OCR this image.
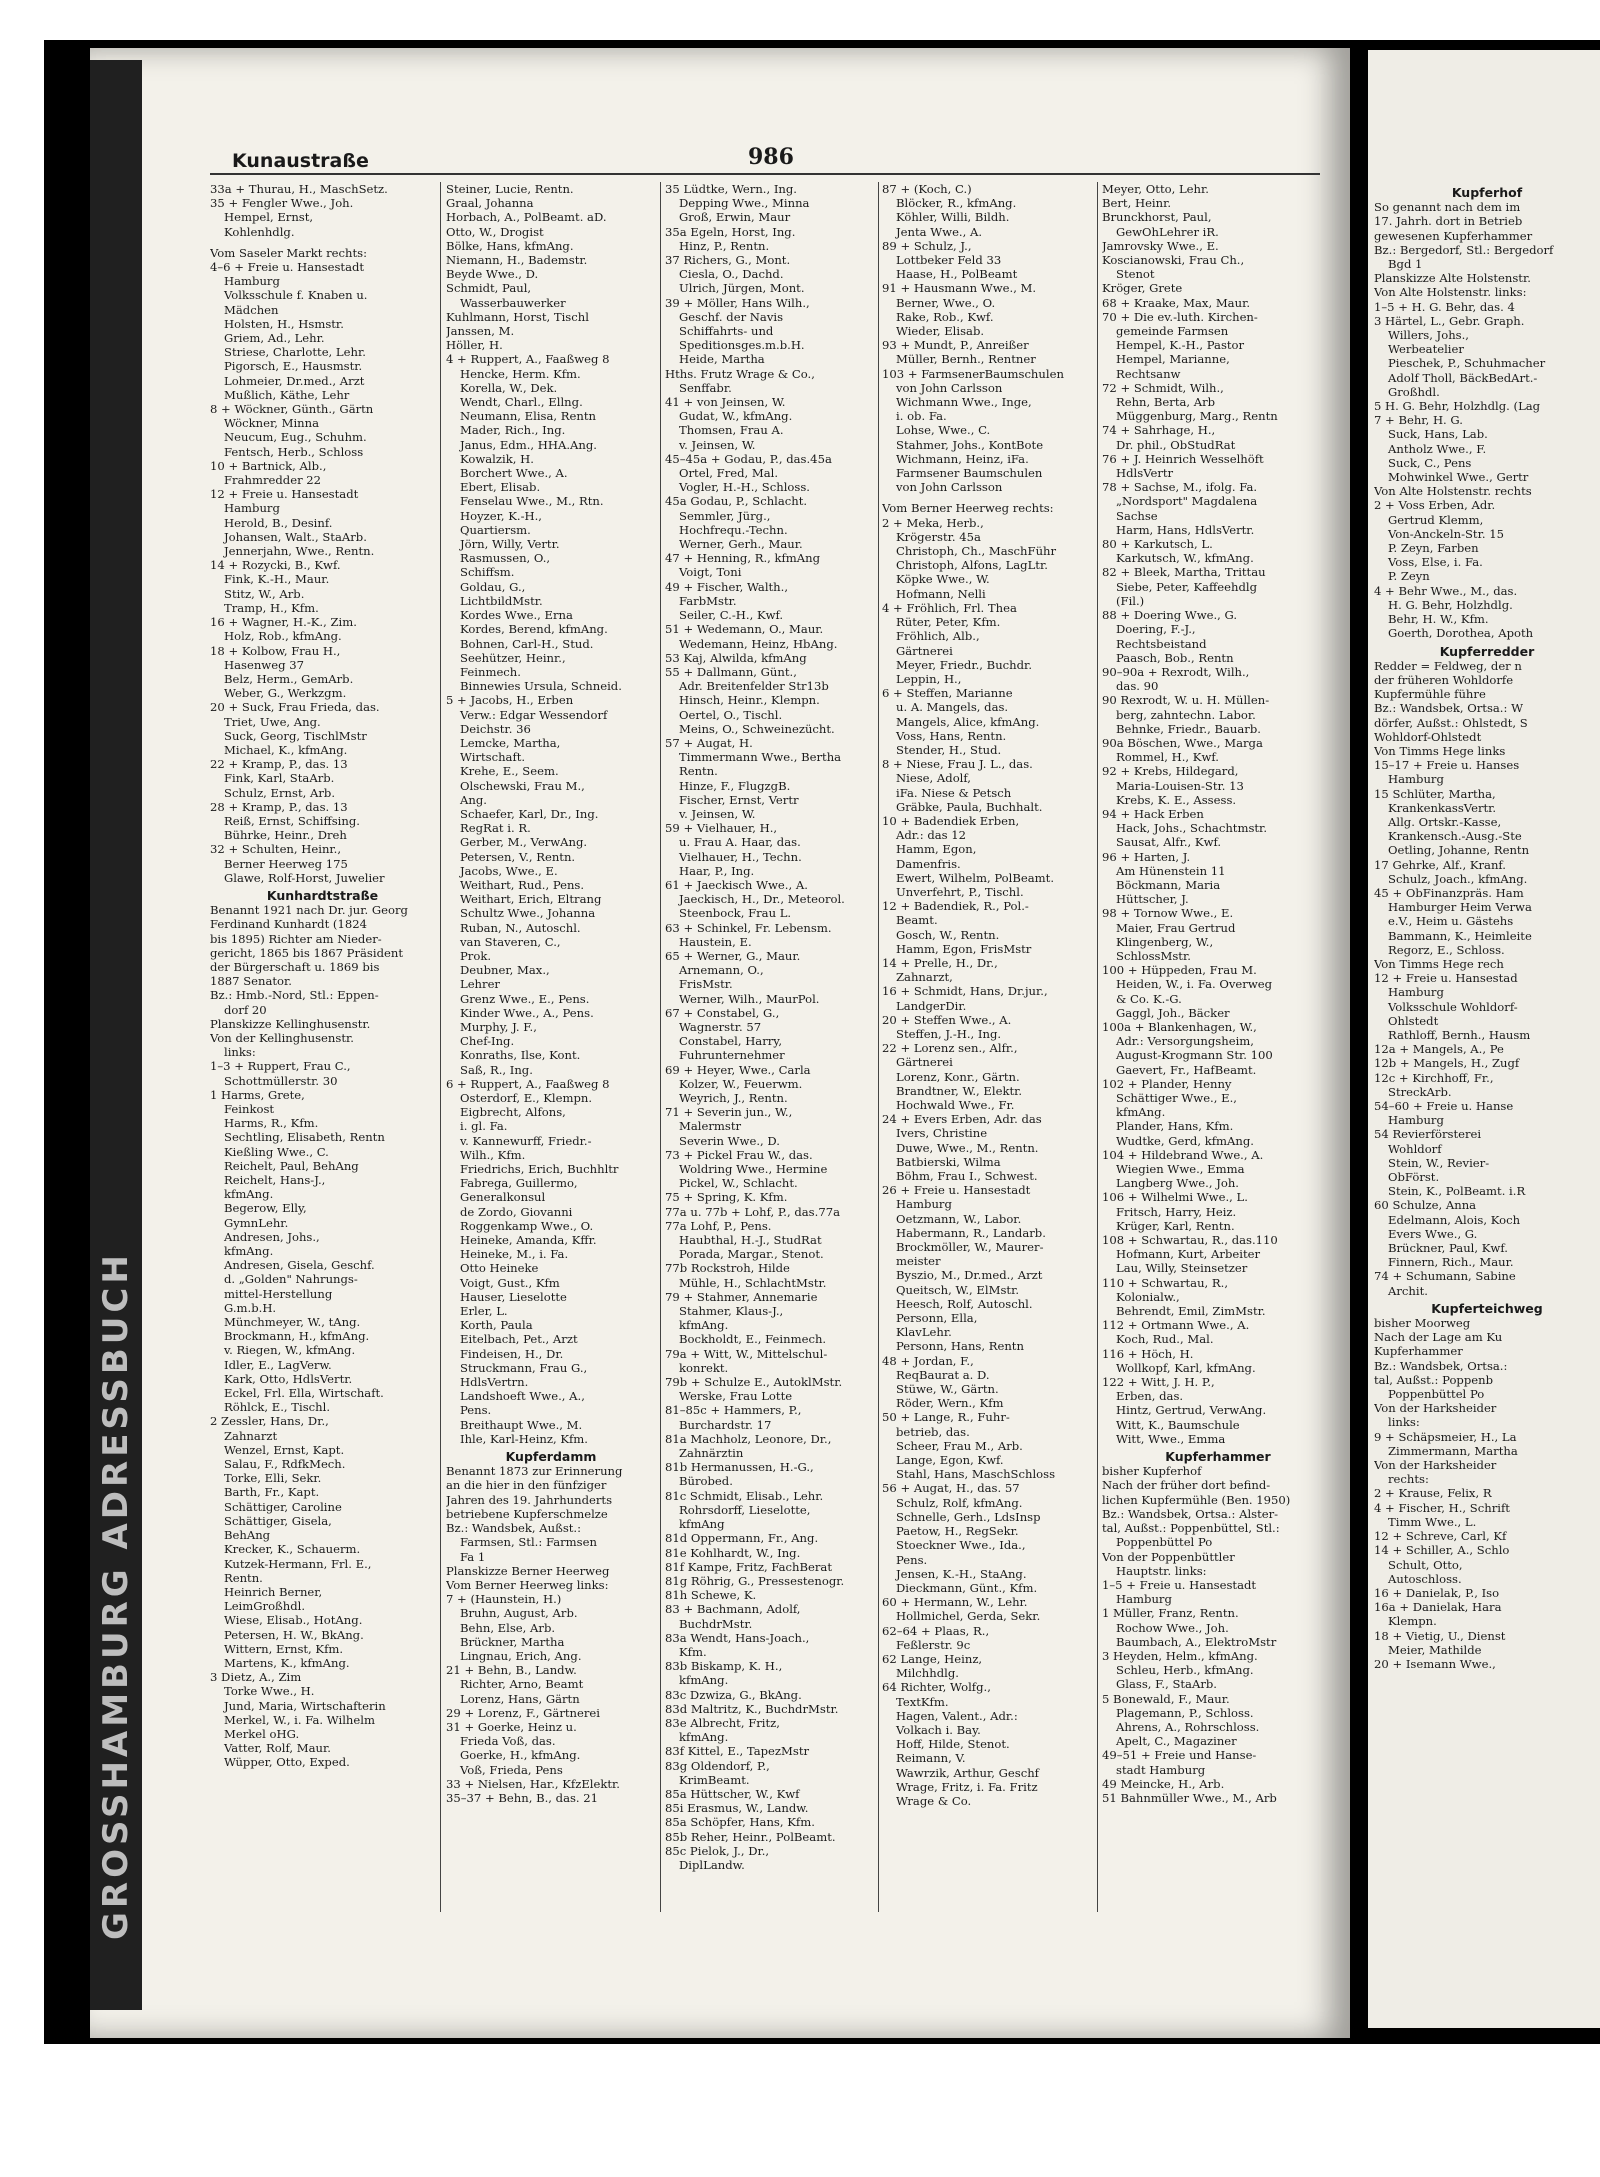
GROSSHAMBURG ADRESSBUCH
Kunaustraße	986
33a + Thurau, H., MaschSetz.
35 + Fengler Wwe., Joh.
Hempel, Ernst,
Kohlenhdlg.
Vom Saseler Markt rechts:
4–6 + Freie u. Hansestadt
Hamburg
Volksschule f. Knaben u.
Mädchen
Holsten, H., Hsmstr.
Griem, Ad., Lehr.
Striese, Charlotte, Lehr.
Pigorsch, E., Hausmstr.
Lohmeier, Dr.med., Arzt
Mußlich, Käthe, Lehr
8 + Wöckner, Günth., Gärtn
Wöckner, Minna
Neucum, Eug., Schuhm.
Fentsch, Herb., Schloss
10 + Bartnick, Alb.,
Frahmredder 22
12 + Freie u. Hansestadt
Hamburg
Herold, B., Desinf.
Johansen, Walt., StaArb.
Jennerjahn, Wwe., Rentn.
14 + Rozycki, B., Kwf.
Fink, K.-H., Maur.
Stitz, W., Arb.
Tramp, H., Kfm.
16 + Wagner, H.-K., Zim.
Holz, Rob., kfmAng.
18 + Kolbow, Frau H.,
Hasenweg 37
Belz, Herm., GemArb.
Weber, G., Werkzgm.
20 + Suck, Frau Frieda, das.
Triet, Uwe, Ang.
Suck, Georg, TischlMstr
Michael, K., kfmAng.
22 + Kramp, P., das. 13
Fink, Karl, StaArb.
Schulz, Ernst, Arb.
28 + Kramp, P., das. 13
Reiß, Ernst, Schiffsing.
Bührke, Heinr., Dreh
32 + Schulten, Heinr.,
Berner Heerweg 175
Glawe, Rolf-Horst, Juwelier
Kunhardtstraße
Benannt 1921 nach Dr. jur. Georg
Ferdinand Kunhardt (1824
bis 1895) Richter am Nieder-
gericht, 1865 bis 1867 Präsident
der Bürgerschaft u. 1869 bis
1887 Senator.
Bz.: Hmb.-Nord, Stl.: Eppen-
dorf 20
Planskizze Kellinghusenstr.
Von der Kellinghusenstr.
links:
1–3 + Ruppert, Frau C.,
Schottmüllerstr. 30
1 Harms, Grete,
Feinkost
Harms, R., Kfm.
Sechtling, Elisabeth, Rentn
Kießling Wwe., C.
Reichelt, Paul, BehAng
Reichelt, Hans-J.,
kfmAng.
Begerow, Elly,
GymnLehr.
Andresen, Johs.,
kfmAng.
Andresen, Gisela, Geschf.
d. „Golden" Nahrungs-
mittel-Herstellung
G.m.b.H.
Münchmeyer, W., tAng.
Brockmann, H., kfmAng.
v. Riegen, W., kfmAng.
Idler, E., LagVerw.
Kark, Otto, HdlsVertr.
Eckel, Frl. Ella, Wirtschaft.
Röhlck, E., Tischl.
2 Zessler, Hans, Dr.,
Zahnarzt
Wenzel, Ernst, Kapt.
Salau, F., RdfkMech.
Torke, Elli, Sekr.
Barth, Fr., Kapt.
Schättiger, Caroline
Schättiger, Gisela,
BehAng
Krecker, K., Schauerm.
Kutzek-Hermann, Frl. E.,
Rentn.
Heinrich Berner,
LeimGroßhdl.
Wiese, Elisab., HotAng.
Petersen, H. W., BkAng.
Wittern, Ernst, Kfm.
Martens, K., kfmAng.
3 Dietz, A., Zim
Torke Wwe., H.
Jund, Maria, Wirtschafterin
Merkel, W., i. Fa. Wilhelm
Merkel oHG.
Vatter, Rolf, Maur.
Wüpper, Otto, Exped.
Steiner, Lucie, Rentn.
Graal, Johanna
Horbach, A., PolBeamt. aD.
Otto, W., Drogist
Bölke, Hans, kfmAng.
Niemann, H., Bademstr.
Beyde Wwe., D.
Schmidt, Paul,
Wasserbauwerker
Kuhlmann, Horst, Tischl
Janssen, M.
Höller, H.
4 + Ruppert, A., Faaßweg 8
Hencke, Herm. Kfm.
Korella, W., Dek.
Wendt, Charl., Ellng.
Neumann, Elisa, Rentn
Mader, Rich., Ing.
Janus, Edm., HHA.Ang.
Kowalzik, H.
Borchert Wwe., A.
Ebert, Elisab.
Fenselau Wwe., M., Rtn.
Hoyzer, K.-H.,
Quartiersm.
Jörn, Willy, Vertr.
Rasmussen, O.,
Schiffsm.
Goldau, G.,
LichtbildMstr.
Kordes Wwe., Erna
Kordes, Berend, kfmAng.
Bohnen, Carl-H., Stud.
Seehützer, Heinr.,
Feinmech.
Binnewies Ursula, Schneid.
5 + Jacobs, H., Erben
Verw.: Edgar Wessendorf
Deichstr. 36
Lemcke, Martha,
Wirtschaft.
Krehe, E., Seem.
Olschewski, Frau M.,
Ang.
Schaefer, Karl, Dr., Ing.
RegRat i. R.
Gerber, M., VerwAng.
Petersen, V., Rentn.
Jacobs, Wwe., E.
Weithart, Rud., Pens.
Weithart, Erich, Eltrang
Schultz Wwe., Johanna
Ruban, N., Autoschl.
van Staveren, C.,
Prok.
Deubner, Max.,
Lehrer
Grenz Wwe., E., Pens.
Kinder Wwe., A., Pens.
Murphy, J. F.,
Chef-Ing.
Konraths, Ilse, Kont.
Saß, R., Ing.
6 + Ruppert, A., Faaßweg 8
Osterdorf, E., Klempn.
Eigbrecht, Alfons,
i. gl. Fa.
v. Kannewurff, Friedr.-
Wilh., Kfm.
Friedrichs, Erich, Buchhltr
Fabrega, Guillermo,
Generalkonsul
de Zordo, Giovanni
Roggenkamp Wwe., O.
Heineke, Amanda, Kffr.
Heineke, M., i. Fa.
Otto Heineke
Voigt, Gust., Kfm
Hauser, Lieselotte
Erler, L.
Korth, Paula
Eitelbach, Pet., Arzt
Findeisen, H., Dr.
Struckmann, Frau G.,
HdlsVertrn.
Landshoeft Wwe., A.,
Pens.
Breithaupt Wwe., M.
Ihle, Karl-Heinz, Kfm.
Kupferdamm
Benannt 1873 zur Erinnerung
an die hier in den fünfziger
Jahren des 19. Jahrhunderts
betriebene Kupferschmelze
Bz.: Wandsbek, Außst.:
Farmsen, Stl.: Farmsen
Fa 1
Planskizze Berner Heerweg
Vom Berner Heerweg links:
7 + (Haunstein, H.)
Bruhn, August, Arb.
Behn, Else, Arb.
Brückner, Martha
Lingnau, Erich, Ang.
21 + Behn, B., Landw.
Richter, Arno, Beamt
Lorenz, Hans, Gärtn
29 + Lorenz, F., Gärtnerei
31 + Goerke, Heinz u.
Frieda Voß, das.
Goerke, H., kfmAng.
Voß, Frieda, Pens
33 + Nielsen, Har., KfzElektr.
35–37 + Behn, B., das. 21
35 Lüdtke, Wern., Ing.
Depping Wwe., Minna
Groß, Erwin, Maur
35a Egeln, Horst, Ing.
Hinz, P., Rentn.
37 Richers, G., Mont.
Ciesla, O., Dachd.
Ulrich, Jürgen, Mont.
39 + Möller, Hans Wilh.,
Geschf. der Navis
Schiffahrts- und
Speditionsges.m.b.H.
Heide, Martha
Hths. Frutz Wrage & Co.,
Senffabr.
41 + von Jeinsen, W.
Gudat, W., kfmAng.
Thomsen, Frau A.
v. Jeinsen, W.
45–45a + Godau, P., das.45a
Ortel, Fred, Mal.
Vogler, H.-H., Schloss.
45a Godau, P., Schlacht.
Semmler, Jürg.,
Hochfrequ.-Techn.
Werner, Gerh., Maur.
47 + Henning, R., kfmAng
Voigt, Toni
49 + Fischer, Walth.,
FarbMstr.
Seiler, C.-H., Kwf.
51 + Wedemann, O., Maur.
Wedemann, Heinz, HbAng.
53 Kaj, Alwilda, kfmAng
55 + Dallmann, Günt.,
Adr. Breitenfelder Str13b
Hinsch, Heinr., Klempn.
Oertel, O., Tischl.
Meins, O., Schweinezücht.
57 + Augat, H.
Timmermann Wwe., Bertha
Rentn.
Hinze, F., FlugzgB.
Fischer, Ernst, Vertr
v. Jeinsen, W.
59 + Vielhauer, H.,
u. Frau A. Haar, das.
Vielhauer, H., Techn.
Haar, P., Ing.
61 + Jaeckisch Wwe., A.
Jaeckisch, H., Dr., Meteorol.
Steenbock, Frau L.
63 + Schinkel, Fr. Lebensm.
Haustein, E.
65 + Werner, G., Maur.
Arnemann, O.,
FrisMstr.
Werner, Wilh., MaurPol.
67 + Constabel, G.,
Wagnerstr. 57
Constabel, Harry,
Fuhrunternehmer
69 + Heyer, Wwe., Carla
Kolzer, W., Feuerwm.
Weyrich, J., Rentn.
71 + Severin jun., W.,
Malermstr
Severin Wwe., D.
73 + Pickel Frau W., das.
Woldring Wwe., Hermine
Pickel, W., Schlacht.
75 + Spring, K. Kfm.
77a u. 77b + Lohf, P., das.77a
77a Lohf, P., Pens.
Haubthal, H.-J., StudRat
Porada, Margar., Stenot.
77b Rockstroh, Hilde
Mühle, H., SchlachtMstr.
79 + Stahmer, Annemarie
Stahmer, Klaus-J.,
kfmAng.
Bockholdt, E., Feinmech.
79a + Witt, W., Mittelschul-
konrekt.
79b + Schulze E., AutoklMstr.
Werske, Frau Lotte
81–85c + Hammers, P.,
Burchardstr. 17
81a Machholz, Leonore, Dr.,
Zahnärztin
81b Hermanussen, H.-G.,
Bürobed.
81c Schmidt, Elisab., Lehr.
Rohrsdorff, Lieselotte,
kfmAng
81d Oppermann, Fr., Ang.
81e Kohlhardt, W., Ing.
81f Kampe, Fritz, FachBerat
81g Röhrig, G., Pressestenogr.
81h Schewe, K.
83 + Bachmann, Adolf,
BuchdrMstr.
83a Wendt, Hans-Joach.,
Kfm.
83b Biskamp, K. H.,
kfmAng.
83c Dzwiza, G., BkAng.
83d Maltritz, K., BuchdrMstr.
83e Albrecht, Fritz,
kfmAng.
83f Kittel, E., TapezMstr
83g Oldendorf, P.,
KrimBeamt.
85a Hüttscher, W., Kwf
85i Erasmus, W., Landw.
85a Schöpfer, Hans, Kfm.
85b Reher, Heinr., PolBeamt.
85c Pielok, J., Dr.,
DiplLandw.
87 + (Koch, C.)
Blöcker, R., kfmAng.
Köhler, Willi, Bildh.
Jenta Wwe., A.
89 + Schulz, J.,
Lottbeker Feld 33
Haase, H., PolBeamt
91 + Hausmann Wwe., M.
Berner, Wwe., O.
Rake, Rob., Kwf.
Wieder, Elisab.
93 + Mundt, P., Anreißer
Müller, Bernh., Rentner
103 + FarmsenerBaumschulen
von John Carlsson
Wichmann Wwe., Inge,
i. ob. Fa.
Lohse, Wwe., C.
Stahmer, Johs., KontBote
Wichmann, Heinz, iFa.
Farmsener Baumschulen
von John Carlsson
Vom Berner Heerweg rechts:
2 + Meka, Herb.,
Krögerstr. 45a
Christoph, Ch., MaschFühr
Christoph, Alfons, LagLtr.
Köpke Wwe., W.
Hofmann, Nelli
4 + Fröhlich, Frl. Thea
Rüter, Peter, Kfm.
Fröhlich, Alb.,
Gärtnerei
Meyer, Friedr., Buchdr.
Leppin, H.,
6 + Steffen, Marianne
u. A. Mangels, das.
Mangels, Alice, kfmAng.
Voss, Hans, Rentn.
Stender, H., Stud.
8 + Niese, Frau J. L., das.
Niese, Adolf,
iFa. Niese & Petsch
Gräbke, Paula, Buchhalt.
10 + Badendiek Erben,
Adr.: das 12
Hamm, Egon,
Damenfris.
Ewert, Wilhelm, PolBeamt.
Unverfehrt, P., Tischl.
12 + Badendiek, R., Pol.-
Beamt.
Gosch, W., Rentn.
Hamm, Egon, FrisMstr
14 + Prelle, H., Dr.,
Zahnarzt,
16 + Schmidt, Hans, Dr.jur.,
LandgerDir.
20 + Steffen Wwe., A.
Steffen, J.-H., Ing.
22 + Lorenz sen., Alfr.,
Gärtnerei
Lorenz, Konr., Gärtn.
Brandtner, W., Elektr.
Hochwald Wwe., Fr.
24 + Evers Erben, Adr. das
Ivers, Christine
Duwe, Wwe., M., Rentn.
Batbierski, Wilma
Böhm, Frau I., Schwest.
26 + Freie u. Hansestadt
Hamburg
Oetzmann, W., Labor.
Habermann, R., Landarb.
Brockmöller, W., Maurer-
meister
Byszio, M., Dr.med., Arzt
Queitsch, W., ElMstr.
Heesch, Rolf, Autoschl.
Personn, Ella,
KlavLehr.
Personn, Hans, Rentn
48 + Jordan, F.,
ReqBaurat a. D.
Stüwe, W., Gärtn.
Röder, Wern., Kfm
50 + Lange, R., Fuhr-
betrieb, das.
Scheer, Frau M., Arb.
Lange, Egon, Kwf.
Stahl, Hans, MaschSchloss
56 + Augat, H., das. 57
Schulz, Rolf, kfmAng.
Schnelle, Gerh., LdsInsp
Paetow, H., RegSekr.
Stoeckner Wwe., Ida.,
Pens.
Jensen, K.-H., StaAng.
Dieckmann, Günt., Kfm.
60 + Hermann, W., Lehr.
Hollmichel, Gerda, Sekr.
62–64 + Plaas, R.,
Feßlerstr. 9c
62 Lange, Heinz,
Milchhdlg.
64 Richter, Wolfg.,
TextKfm.
Hagen, Valent., Adr.:
Volkach i. Bay.
Hoff, Hilde, Stenot.
Reimann, V.
Wawrzik, Arthur, Geschf
Wrage, Fritz, i. Fa. Fritz
Wrage & Co.
Meyer, Otto, Lehr.
Bert, Heinr.
Brunckhorst, Paul,
GewOhLehrer iR.
Jamrovsky Wwe., E.
Koscianowski, Frau Ch.,
Stenot
Kröger, Grete
68 + Kraake, Max, Maur.
70 + Die ev.-luth. Kirchen-
gemeinde Farmsen
Hempel, K.-H., Pastor
Hempel, Marianne,
Rechtsanw
72 + Schmidt, Wilh.,
Rehn, Berta, Arb
Müggenburg, Marg., Rentn
74 + Sahrhage, H.,
Dr. phil., ObStudRat
76 + J. Heinrich Wesselhöft
HdlsVertr
78 + Sachse, M., ifolg. Fa.
„Nordsport" Magdalena
Sachse
Harm, Hans, HdlsVertr.
80 + Karkutsch, L.
Karkutsch, W., kfmAng.
82 + Bleek, Martha, Trittau
Siebe, Peter, Kaffeehdlg
(Fil.)
88 + Doering Wwe., G.
Doering, F.-J.,
Rechtsbeistand
Paasch, Bob., Rentn
90–90a + Rexrodt, Wilh.,
das. 90
90 Rexrodt, W. u. H. Müllen-
berg, zahntechn. Labor.
Behnke, Friedr., Bauarb.
90a Böschen, Wwe., Marga
Rommel, H., Kwf.
92 + Krebs, Hildegard,
Maria-Louisen-Str. 13
Krebs, K. E., Assess.
94 + Hack Erben
Hack, Johs., Schachtmstr.
Sausat, Alfr., Kwf.
96 + Harten, J.
Am Hünenstein 11
Böckmann, Maria
Hüttscher, J.
98 + Tornow Wwe., E.
Maier, Frau Gertrud
Klingenberg, W.,
SchlossMstr.
100 + Hüppeden, Frau M.
Heiden, W., i. Fa. Overweg
& Co. K.-G.
Gaggl, Joh., Bäcker
100a + Blankenhagen, W.,
Adr.: Versorgungsheim,
August-Krogmann Str. 100
Gaevert, Fr., HafBeamt.
102 + Plander, Henny
Schättiger Wwe., E.,
kfmAng.
Plander, Hans, Kfm.
Wudtke, Gerd, kfmAng.
104 + Hildebrand Wwe., A.
Wiegien Wwe., Emma
Langberg Wwe., Joh.
106 + Wilhelmi Wwe., L.
Fritsch, Harry, Heiz.
Krüger, Karl, Rentn.
108 + Schwartau, R., das.110
Hofmann, Kurt, Arbeiter
Lau, Willy, Steinsetzer
110 + Schwartau, R.,
Kolonialw.,
Behrendt, Emil, ZimMstr.
112 + Ortmann Wwe., A.
Koch, Rud., Mal.
116 + Höch, H.
Wollkopf, Karl, kfmAng.
122 + Witt, J. H. P.,
Erben, das.
Hintz, Gertrud, VerwAng.
Witt, K., Baumschule
Witt, Wwe., Emma
Kupferhammer
bisher Kupferhof
Nach der früher dort befind-
lichen Kupfermühle (Ben. 1950)
Bz.: Wandsbek, Ortsa.: Alster-
tal, Außst.: Poppenbüttel, Stl.:
Poppenbüttel Po
Von der Poppenbüttler
Hauptstr. links:
1–5 + Freie u. Hansestadt
Hamburg
1 Müller, Franz, Rentn.
Rochow Wwe., Joh.
Baumbach, A., ElektroMstr
3 Heyden, Helm., kfmAng.
Schleu, Herb., kfmAng.
Glass, F., StaArb.
5 Bonewald, F., Maur.
Plagemann, P., Schloss.
Ahrens, A., Rohrschloss.
Apelt, C., Magaziner
49–51 + Freie und Hanse-
stadt Hamburg
49 Meincke, H., Arb.
51 Bahnmüller Wwe., M., Arb
Kupferhof
So genannt nach dem im
17. Jahrh. dort in Betrieb
gewesenen Kupferhammer
Bz.: Bergedorf, Stl.: Bergedorf
Bgd 1
Planskizze Alte Holstenstr.
Von Alte Holstenstr. links:
1–5 + H. G. Behr, das. 4
3 Härtel, L., Gebr. Graph.
Willers, Johs.,
Werbeatelier
Pieschek, P., Schuhmacher
Adolf Tholl, BäckBedArt.-
Großhdl.
5 H. G. Behr, Holzhdlg. (Lag
7 + Behr, H. G.
Suck, Hans, Lab.
Antholz Wwe., F.
Suck, C., Pens
Mohwinkel Wwe., Gertr
Von Alte Holstenstr. rechts
2 + Voss Erben, Adr.
Gertrud Klemm,
Von-Anckeln-Str. 15
P. Zeyn, Farben
Voss, Else, i. Fa.
P. Zeyn
4 + Behr Wwe., M., das.
H. G. Behr, Holzhdlg.
Behr, H. W., Kfm.
Goerth, Dorothea, Apoth
Kupferredder
Redder = Feldweg, der n
der früheren Wohldorfe
Kupfermühle führe
Bz.: Wandsbek, Ortsa.: W
dörfer, Außst.: Ohlstedt, S
Wohldorf-Ohlstedt
Von Timms Hege links
15–17 + Freie u. Hanses
Hamburg
15 Schlüter, Martha,
KrankenkassVertr.
Allg. Ortskr.-Kasse,
Krankensch.-Ausg.-Ste
Oetling, Johanne, Rentn
17 Gehrke, Alf., Kranf.
Schulz, Joach., kfmAng.
45 + ObFinanzpräs. Ham
Hamburger Heim Verwa
e.V., Heim u. Gästehs
Bammann, K., Heimleite
Regorz, E., Schloss.
Von Timms Hege rech
12 + Freie u. Hansestad
Hamburg
Volksschule Wohldorf-
Ohlstedt
Rathloff, Bernh., Hausm
12a + Mangels, A., Pe
12b + Mangels, H., Zugf
12c + Kirchhoff, Fr.,
StreckArb.
54–60 + Freie u. Hanse
Hamburg
54 Revierförsterei
Wohldorf
Stein, W., Revier-
ObFörst.
Stein, K., PolBeamt. i.R
60 Schulze, Anna
Edelmann, Alois, Koch
Evers Wwe., G.
Brückner, Paul, Kwf.
Finnern, Rich., Maur.
74 + Schumann, Sabine
Archit.
Kupferteichweg
bisher Moorweg
Nach der Lage am Ku
Kupferhammer
Bz.: Wandsbek, Ortsa.:
tal, Außst.: Poppenb
Poppenbüttel Po
Von der Harksheider
links:
9 + Schäpsmeier, H., La
Zimmermann, Martha
Von der Harksheider
rechts:
2 + Krause, Felix, R
4 + Fischer, H., Schrift
Timm Wwe., L.
12 + Schreve, Carl, Kf
14 + Schiller, A., Schlo
Schult, Otto,
Autoschloss.
16 + Danielak, P., Iso
16a + Danielak, Hara
Klempn.
18 + Vietig, U., Dienst
Meier, Mathilde
20 + Isemann Wwe.,
